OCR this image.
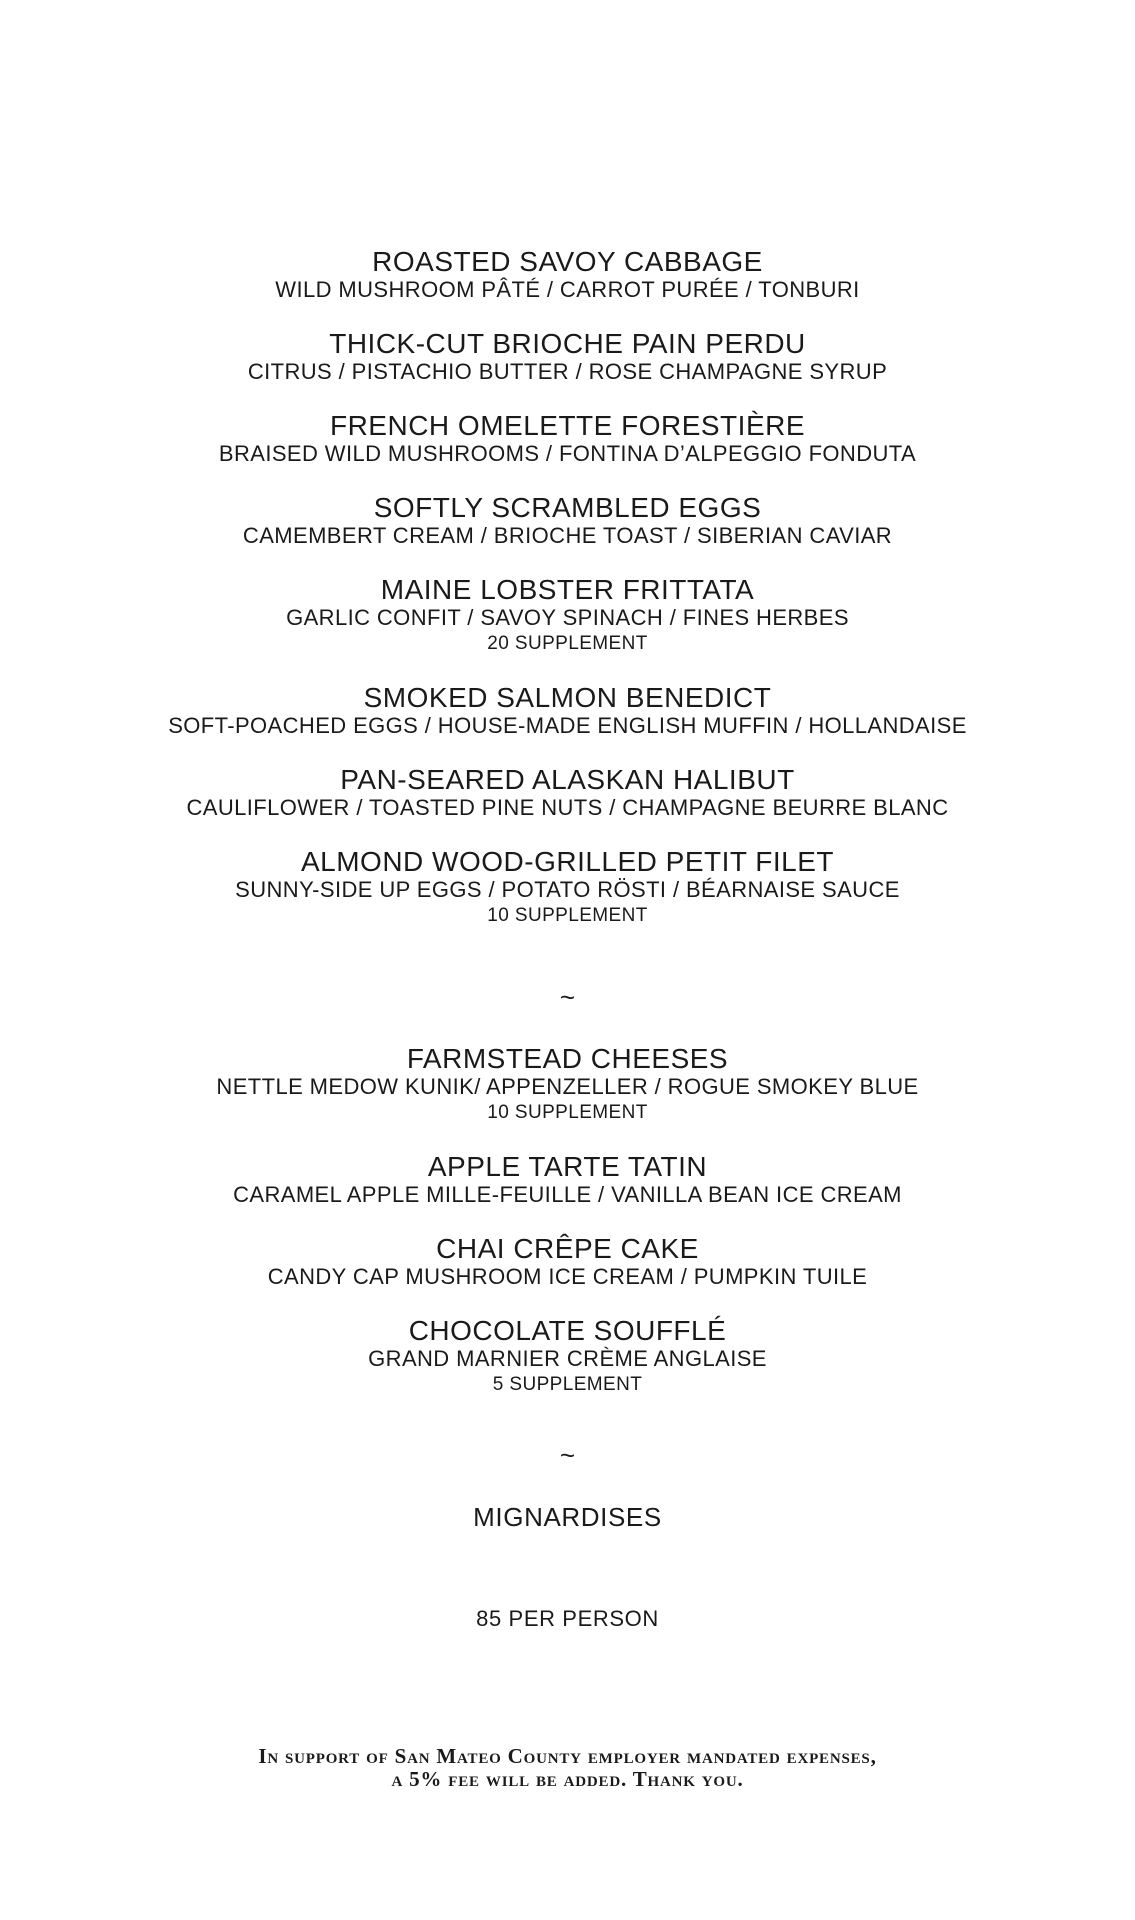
ROASTED SAVOY CABBAGE
WILD MUSHROOM PÂTÉ / CARROT PURÉE / TONBURI
THICK-CUT BRIOCHE PAIN PERDU
CITRUS / PISTACHIO BUTTER / ROSE CHAMPAGNE SYRUP
FRENCH OMELETTE FORESTIÈRE
BRAISED WILD MUSHROOMS / FONTINA D’ALPEGGIO FONDUTA
SOFTLY SCRAMBLED EGGS
CAMEMBERT CREAM / BRIOCHE TOAST / SIBERIAN CAVIAR
MAINE LOBSTER FRITTATA
GARLIC CONFIT / SAVOY SPINACH / FINES HERBES
20 SUPPLEMENT
SMOKED SALMON BENEDICT
SOFT-POACHED EGGS / HOUSE-MADE ENGLISH MUFFIN / HOLLANDAISE
PAN-SEARED ALASKAN HALIBUT
CAULIFLOWER / TOASTED PINE NUTS / CHAMPAGNE BEURRE BLANC
ALMOND WOOD-GRILLED PETIT FILET
SUNNY-SIDE UP EGGS / POTATO RÖSTI / BÉARNAISE SAUCE
10 SUPPLEMENT
~
FARMSTEAD CHEESES
NETTLE MEDOW KUNIK/ APPENZELLER / ROGUE SMOKEY BLUE
10 SUPPLEMENT
APPLE TARTE TATIN
CARAMEL APPLE MILLE-FEUILLE / VANILLA BEAN ICE CREAM
CHAI CRÊPE CAKE
CANDY CAP MUSHROOM ICE CREAM / PUMPKIN TUILE
CHOCOLATE SOUFFLÉ
GRAND MARNIER CRÈME ANGLAISE
5 SUPPLEMENT
~
MIGNARDISES
85 PER PERSON
In support of San Mateo County employer mandated expenses,
a 5% fee will be added. Thank you.
